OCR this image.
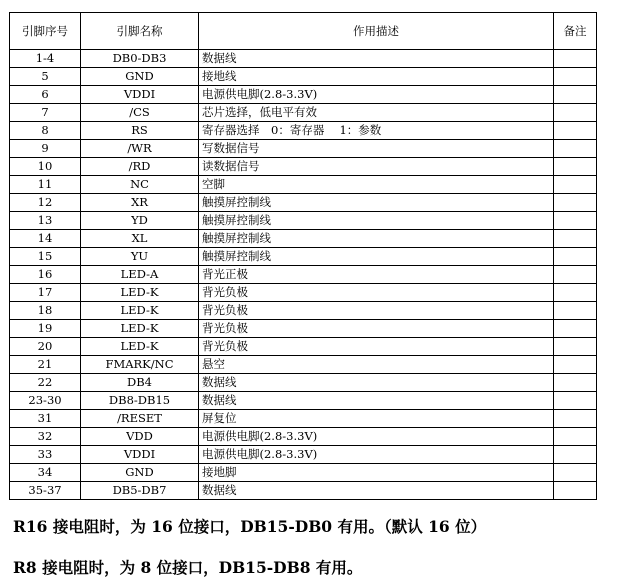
引脚序号	引脚名称	作用描述	备注
1-4	DB0-DB3	数据线	
5	GND	接地线	
6	VDDI	电源供电脚(2.8-3.3V)	
7	/CS	芯片选择，低电平有效	
8	RS	寄存器选择　0：寄存器　 1：参数	
9	/WR	写数据信号	
10	/RD	读数据信号	
11	NC	空脚	
12	XR	触摸屏控制线	
13	YD	触摸屏控制线	
14	XL	触摸屏控制线	
15	YU	触摸屏控制线	
16	LED-A	背光正极	
17	LED-K	背光负极	
18	LED-K	背光负极	
19	LED-K	背光负极	
20	LED-K	背光负极	
21	FMARK/NC	悬空	
22	DB4	数据线	
23-30	DB8-DB15	数据线	
31	/RESET	屏复位	
32	VDD	电源供电脚(2.8-3.3V)	
33	VDDI	电源供电脚(2.8-3.3V)	
34	GND	接地脚	
35-37	DB5-DB7	数据线	
R16 接电阻时，为 16 位接口，DB15-DB0 有用。（默认 16 位）
R8 接电阻时，为 8 位接口，DB15-DB8 有用。
